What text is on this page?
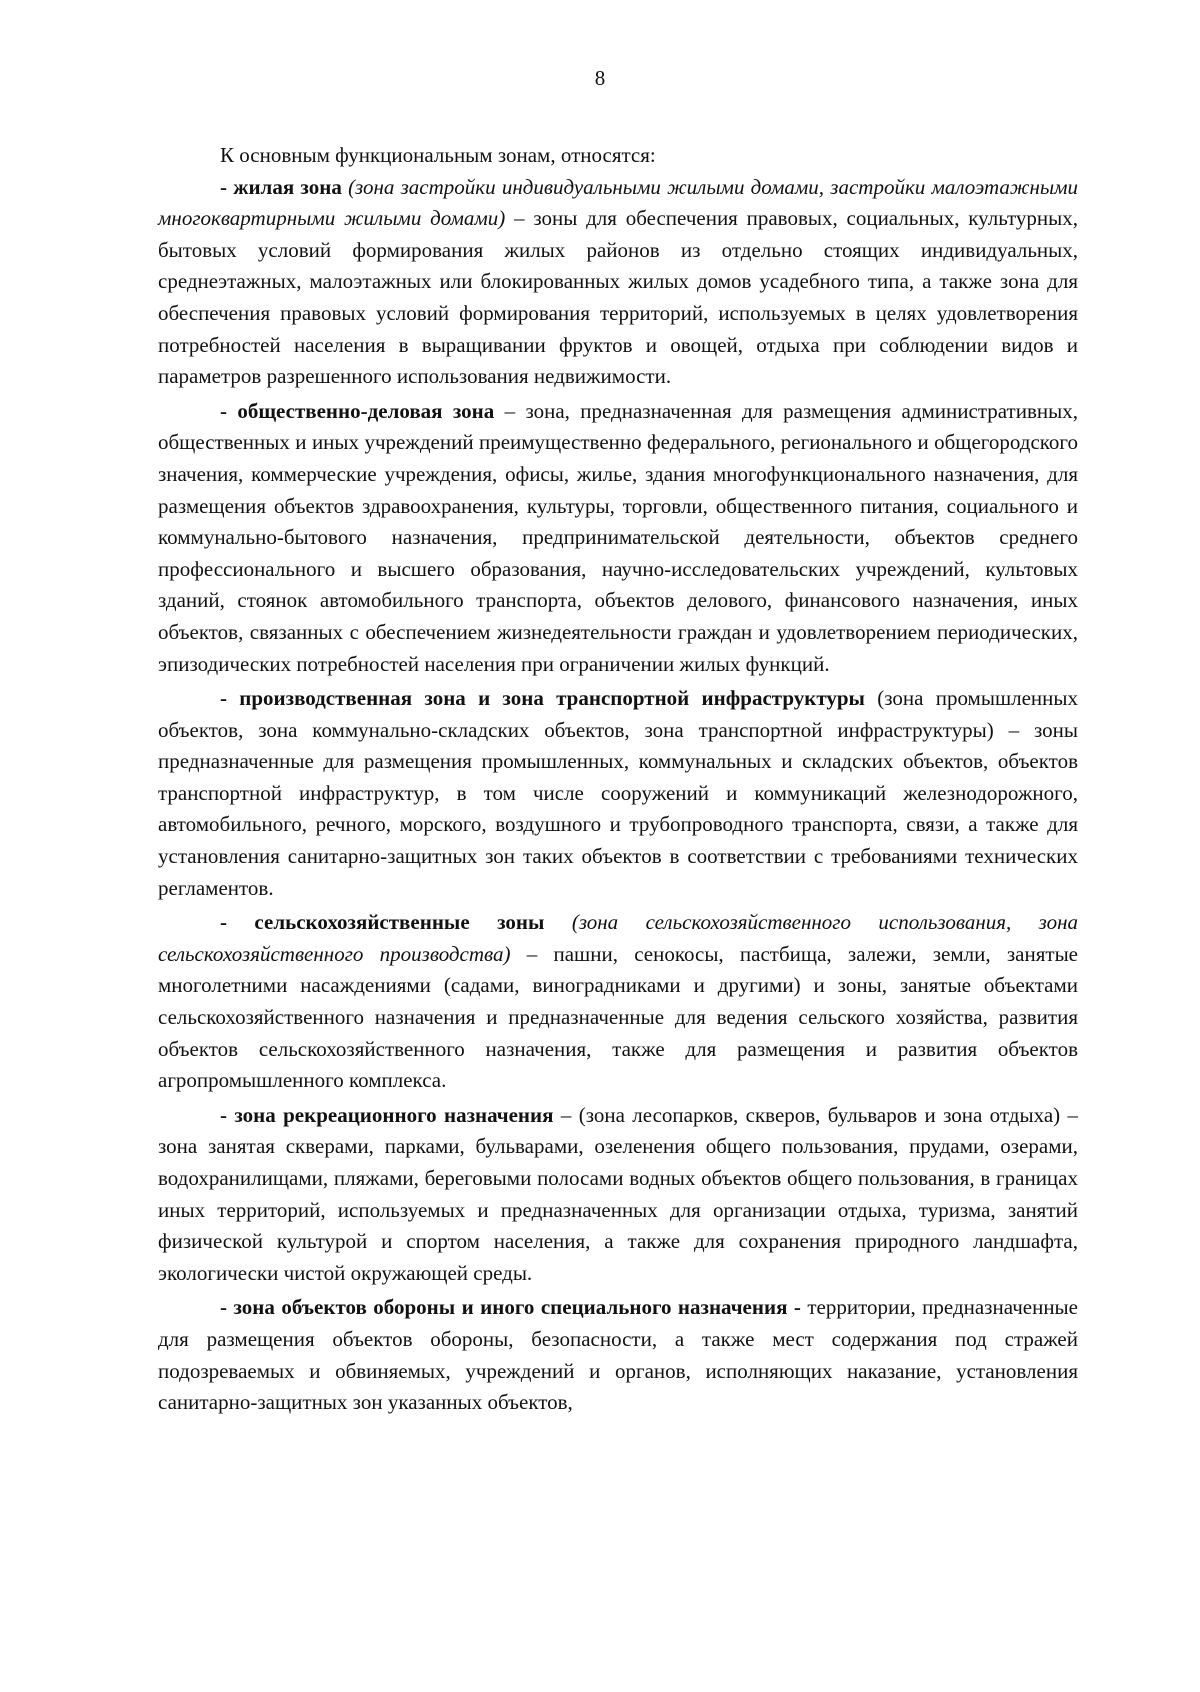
8

К основным функциональным зонам, относятся:

- жилая зона (зона застройки индивидуальными жилыми домами, застройки малоэтажными многоквартирными жилыми домами) – зоны для обеспечения правовых, социальных, культурных, бытовых условий формирования жилых районов из отдельно стоящих индивидуальных, среднеэтажных, малоэтажных или блокированных жилых домов усадебного типа, а также зона для обеспечения правовых условий формирования территорий, используемых в целях удовлетворения потребностей населения в выращивании фруктов и овощей, отдыха при соблюдении видов и параметров разрешенного использования недвижимости.

- общественно-деловая зона – зона, предназначенная для размещения административных, общественных и иных учреждений преимущественно федерального, регионального и общегородского значения, коммерческие учреждения, офисы, жилье, здания многофункционального назначения, для размещения объектов здравоохранения, культуры, торговли, общественного питания, социального и коммунально-бытового назначения, предпринимательской деятельности, объектов среднего профессионального и высшего образования, научно-исследовательских учреждений, культовых зданий, стоянок автомобильного транспорта, объектов делового, финансового назначения, иных объектов, связанных с обеспечением жизнедеятельности граждан и удовлетворением периодических, эпизодических потребностей населения при ограничении жилых функций.

- производственная зона и зона транспортной инфраструктуры (зона промышленных объектов, зона коммунально-складских объектов, зона транспортной инфраструктуры) – зоны предназначенные для размещения промышленных, коммунальных и складских объектов, объектов транспортной инфраструктур, в том числе сооружений и коммуникаций железнодорожного, автомобильного, речного, морского, воздушного и трубопроводного транспорта, связи, а также для установления санитарно-защитных зон таких объектов в соответствии с требованиями технических регламентов.

- сельскохозяйственные зоны (зона сельскохозяйственного использования, зона сельскохозяйственного производства) – пашни, сенокосы, пастбища, залежи, земли, занятые многолетними насаждениями (садами, виноградниками и другими) и зоны, занятые объектами сельскохозяйственного назначения и предназначенные для ведения сельского хозяйства, развития объектов сельскохозяйственного назначения, также для размещения и развития объектов агропромышленного комплекса.

- зона рекреационного назначения – (зона лесопарков, скверов, бульваров и зона отдыха) – зона занятая скверами, парками, бульварами, озеленения общего пользования, прудами, озерами, водохранилищами, пляжами, береговыми полосами водных объектов общего пользования, в границах иных территорий, используемых и предназначенных для организации отдыха, туризма, занятий физической культурой и спортом населения, а также для сохранения природного ландшафта, экологически чистой окружающей среды.

- зона объектов обороны и иного специального назначения - территории, предназначенные для размещения объектов обороны, безопасности, а также мест содержания под стражей подозреваемых и обвиняемых, учреждений и органов, исполняющих наказание, установления санитарно-защитных зон указанных объектов,
